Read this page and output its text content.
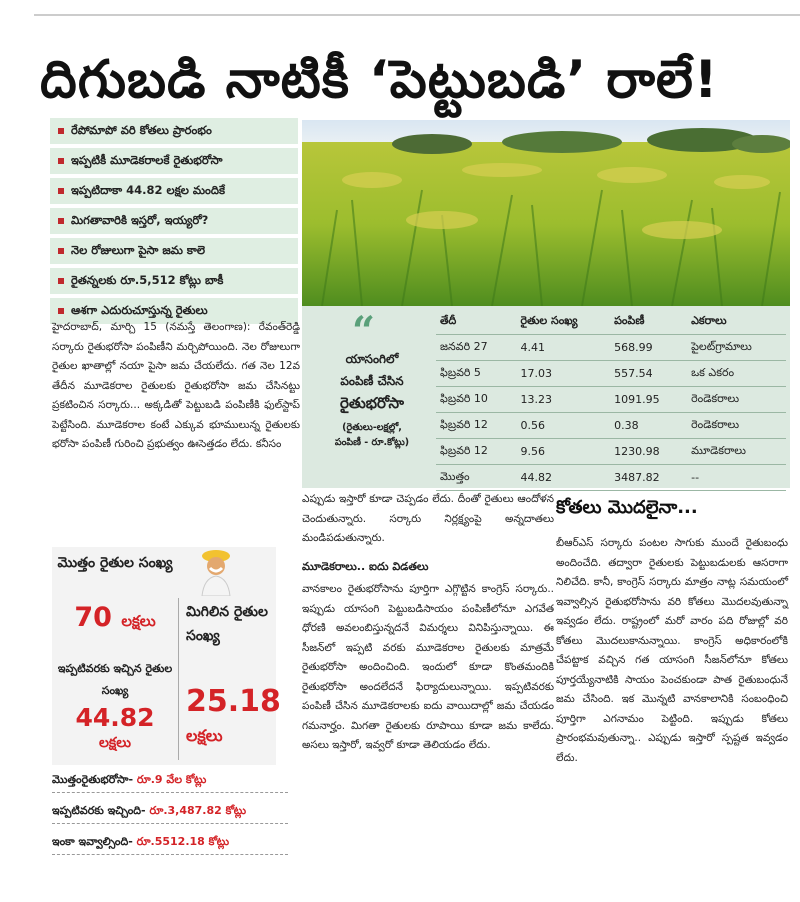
దిగుబడి నాటికీ ‘పెట్టుబడి’ రాలే!
రేపోమాపో వరి కోతలు ప్రారంభం
ఇప్పటికీ మూడెకరాలకే రైతుభరోసా
ఇప్పటిదాకా 44.82 లక్షల మందికే
మిగతావారికి ఇస్తరో, ఇయ్యరో?
నెల రోజులుగా పైసా జమ కాలె
రైతన్నలకు రూ.5,512 కోట్లు బాకీ
ఆశగా ఎదురుచూస్తున్న రైతులు	“
యాసంగిలో
పంపిణీ చేసిన
రైతుభరోసా
(రైతులు-లక్షల్లో,
పంపిణీ - రూ.కోట్లు)
తేదీ	రైతుల సంఖ్య	పంపిణీ	ఎకరాలు
జనవరి 27	4.41	568.99	పైలట్‌గ్రామాలు
ఫిబ్రవరి 5	17.03	557.54	ఒక ఎకరం
ఫిబ్రవరి 10	13.23	1091.95	రెండెకరాలు
ఫిబ్రవరి 12	0.56	0.38	రెండెకరాలు
ఫిబ్రవరి 12	9.56	1230.98	మూడెకరాలు
మొత్తం	44.82	3487.82	--
హైదరాబాద్, మార్చి 15 (నమస్తే తెలంగాణ): రేవంత్‌రెడ్డి సర్కారు రైతుభరోసా పంపిణీని మర్చిపోయింది. నెల రోజులుగా రైతుల ఖాతాల్లో నయా పైసా జమ చేయలేదు. గత నెల 12వ తేదీన మూడెకరాల రైతులకు రైతుభరోసా జమ చేసినట్టు ప్రకటించిన సర్కారు... అక్కడితో పెట్టుబడి పంపిణీకి ఫుల్‌స్టాప్ పెట్టేసింది. మూడెకరాల కంటే ఎక్కువ భూములున్న రైతులకు భరోసా పంపిణీ గురించి ప్రభుత్వం ఊసెత్తడం లేదు. కనీసం
మొత్తం రైతుల సంఖ్య
70 లక్షలు
ఇప్పటివరకు ఇచ్చిన రైతుల సంఖ్య
44.82
లక్షలు
మిగిలిన రైతుల సంఖ్య
25.18
లక్షలు
మొత్తంరైతుభరోసా- రూ.9 వేల కోట్లు
ఇప్పటివరకు ఇచ్చింది- రూ.3,487.82 కోట్లు
ఇంకా ఇవ్వాల్సింది- రూ.5512.18 కోట్లు
ఎప్పుడు ఇస్తారో కూడా చెప్పడం లేదు. దీంతో రైతులు ఆందోళన చెందుతున్నారు. సర్కారు నిర్లక్ష్యంపై అన్నదాతలు మండిపడుతున్నారు.
మూడెకరాలు.. ఐదు విడతలు
వానకాలం రైతుభరోసాను పూర్తిగా ఎగ్గొట్టిన కాంగ్రెస్ సర్కారు.. ఇప్పుడు యాసంగి పెట్టుబడిసాయం పంపిణీలోనూ ఎగవేత ధోరణి అవలంబిస్తున్నదనే విమర్శలు వినిపిస్తున్నాయి. ఈ సీజన్‌లో ఇప్పటి వరకు మూడెకరాల రైతులకు మాత్రమే రైతుభరోసా అందించింది. ఇందులో కూడా కొంతమందికి రైతుభరోసా అందలేదనే ఫిర్యాదులున్నాయి. ఇప్పటివరకు పంపిణీ చేసిన మూడెకరాలకు ఐదు వాయిదాల్లో జమ చేయడం గమనార్హం. మిగతా రైతులకు రూపాయి కూడా జమ కాలేదు. అసలు ఇస్తారో, ఇవ్వరో కూడా తెలియడం లేదు.
కోతలు మొదలైనా...
బీఆర్‌ఎస్ సర్కారు పంటల సాగుకు ముందే రైతుబంధు అందించేది. తద్వారా రైతులకు పెట్టుబడులకు ఆసరాగా నిలిచేది. కానీ, కాంగ్రెస్ సర్కారు మాత్రం నాట్ల సమయంలో ఇవ్వాల్సిన రైతుభరోసాను వరి కోతలు మొదలవుతున్నా ఇవ్వడం లేదు. రాష్ట్రంలో మరో వారం పది రోజుల్లో వరి కోతలు మొదలుకానున్నాయి. కాంగ్రెస్ అధికారంలోకి చేపట్టాక వచ్చిన గత యాసంగి సీజన్‌లోనూ కోతలు పూర్తయ్యేనాటికి సాయం పెంచకుండా పాత రైతుబంధునే జమ చేసింది. ఇక మొన్నటి వానకాలానికి సంబంధించి పూర్తిగా ఎగనామం పెట్టింది. ఇప్పుడు కోతలు ప్రారంభమవుతున్నా.. ఎప్పుడు ఇస్తారో స్పష్టత ఇవ్వడం లేదు.
